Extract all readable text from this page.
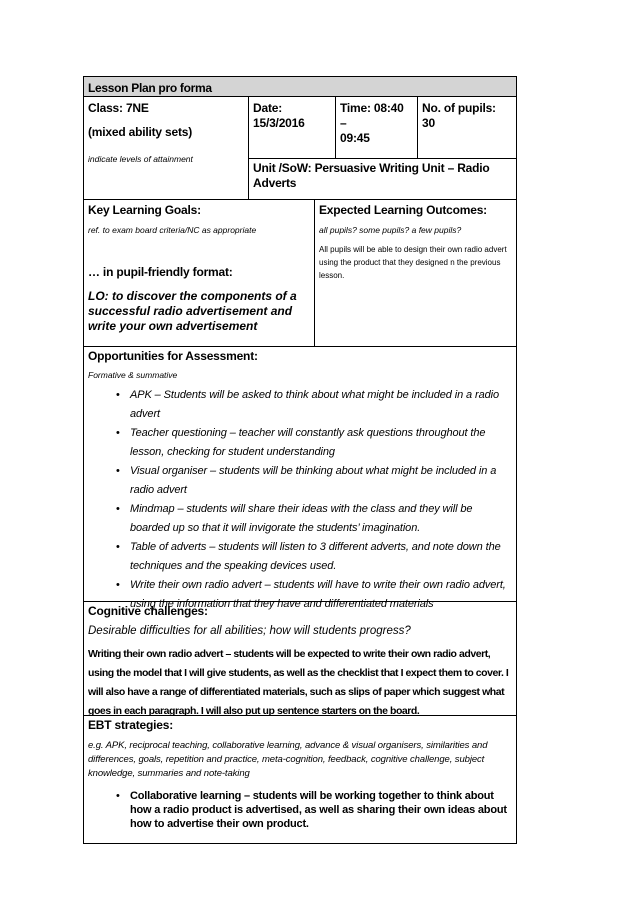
Lesson Plan pro forma
Class: 7NE
(mixed ability sets)
indicate levels of attainment
Date:
15/3/2016
Time: 08:40 –
09:45
No. of pupils:
30
Unit /SoW: Persuasive Writing Unit – Radio Adverts
Key Learning Goals:
ref. to exam board criteria/NC as appropriate
… in pupil-friendly format:
LO: to discover the components of a successful radio advertisement and write your own advertisement
Expected Learning Outcomes:
all pupils? some pupils? a few pupils?
All pupils will be able to design their own radio advert using the product that they designed n the previous lesson.
Opportunities for Assessment:
Formative & summative
• APK – Students will be asked to think about what might be included in a radio advert
• Teacher questioning – teacher will constantly ask questions throughout the lesson, checking for student understanding
• Visual organiser – students will be thinking about what might be included in a radio advert
• Mindmap – students will share their ideas with the class and they will be boarded up so that it will invigorate the students’ imagination.
• Table of adverts – students will listen to 3 different adverts, and note down the techniques and the speaking devices used.
• Write their own radio advert – students will have to write their own radio advert, using the information that they have and differentiated materials
Cognitive challenges:
Desirable difficulties for all abilities; how will students progress?
Writing their own radio advert – students will be expected to write their own radio advert, using the model that I will give students, as well as the checklist that I expect them to cover. I will also have a range of differentiated materials, such as slips of paper which suggest what goes in each paragraph. I will also put up sentence starters on the board.
EBT strategies:
e.g. APK, reciprocal teaching, collaborative learning, advance & visual organisers, similarities and differences, goals, repetition and practice, meta-cognition, feedback, cognitive challenge, subject knowledge, summaries and note-taking
• Collaborative learning – students will be working together to think about how a radio product is advertised, as well as sharing their own ideas about how to advertise their own product.
